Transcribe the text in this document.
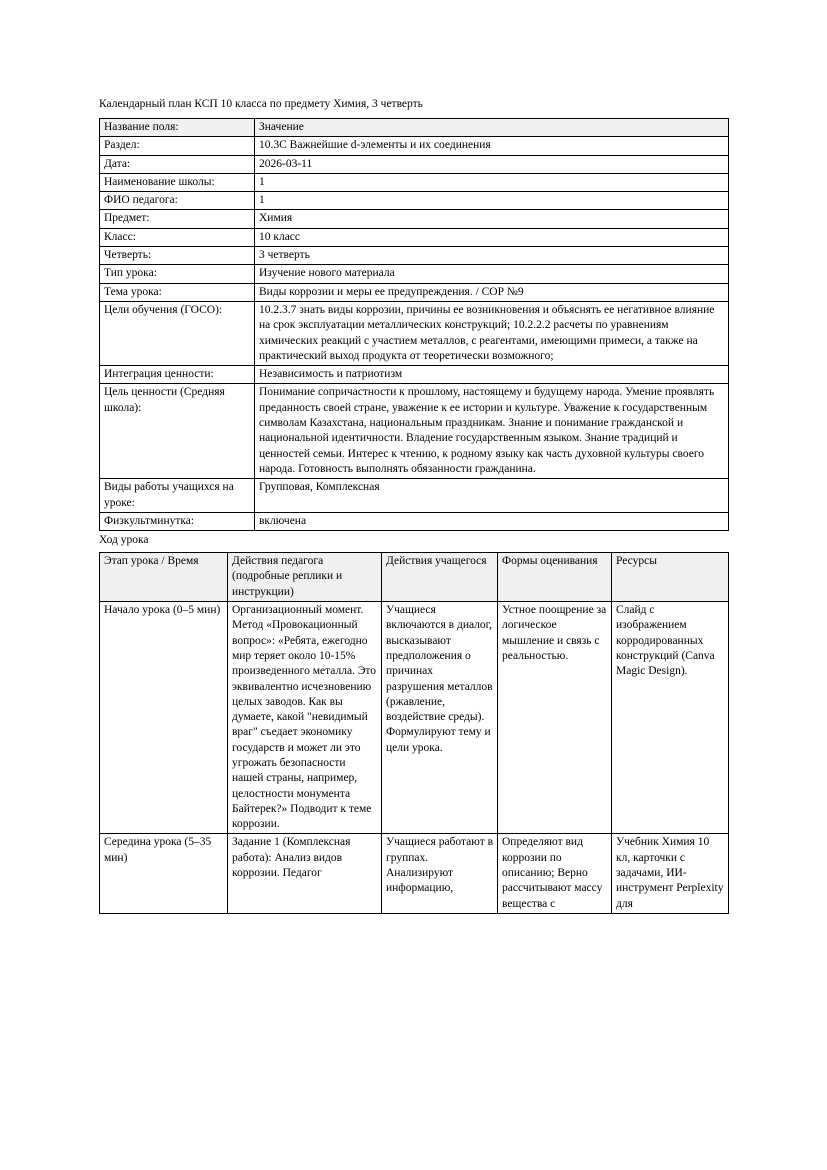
Календарный план КСП 10 класса по предмету Химия, 3 четверть

Название поля:	Значение
Раздел:	10.3C Важнейшие d-элементы и их соединения
Дата:	2026-03-11
Наименование школы:	1
ФИО педагога:	1
Предмет:	Химия
Класс:	10 класс
Четверть:	3 четверть
Тип урока:	Изучение нового материала
Тема урока:	Виды коррозии и меры ее предупреждения. / СОР №9
Цели обучения (ГОСО):	10.2.3.7 знать виды коррозии, причины ее возникновения и объяснять ее негативное влияние на срок эксплуатации металлических конструкций; 10.2.2.2 расчеты по уравнениям химических реакций с участием металлов, с реагентами, имеющими примеси, а также на практический выход продукта от теоретически возможного;
Интеграция ценности:	Независимость и патриотизм
Цель ценности (Средняя школа):	Понимание сопричастности к прошлому, настоящему и будущему народа. Умение проявлять преданность своей стране, уважение к ее истории и культуре. Уважение к государственным символам Казахстана, национальным праздникам. Знание и понимание гражданской и национальной идентичности. Владение государственным языком. Знание традиций и ценностей семьи. Интерес к чтению, к родному языку как часть духовной культуры своего народа. Готовность выполнять обязанности гражданина.
Виды работы учащихся на уроке:	Групповая, Комплексная
Физкультминутка:	включена

Ход урока

Этап урока / Время	Действия педагога (подробные реплики и инструкции)	Действия учащегося	Формы оценивания	Ресурсы
Начало урока (0–5 мин)	Организационный момент. Метод «Провокационный вопрос»: «Ребята, ежегодно мир теряет около 10-15% произведенного металла. Это эквивалентно исчезновению целых заводов. Как вы думаете, какой "невидимый враг" съедает экономику государств и может ли это угрожать безопасности нашей страны, например, целостности монумента Байтерек?» Подводит к теме коррозии.	Учащиеся включаются в диалог, высказывают предположения о причинах разрушения металлов (ржавление, воздействие среды). Формулируют тему и цели урока.	Устное поощрение за логическое мышление и связь с реальностью.	Слайд с изображением корродированных конструкций (Canva Magic Design).
Середина урока (5–35 мин)	Задание 1 (Комплексная работа): Анализ видов коррозии. Педагог	Учащиеся работают в группах. Анализируют информацию,	Определяют вид коррозии по описанию; Верно рассчитывают массу вещества с	Учебник Химия 10 кл, карточки с задачами, ИИ-инструмент Perplexity для
